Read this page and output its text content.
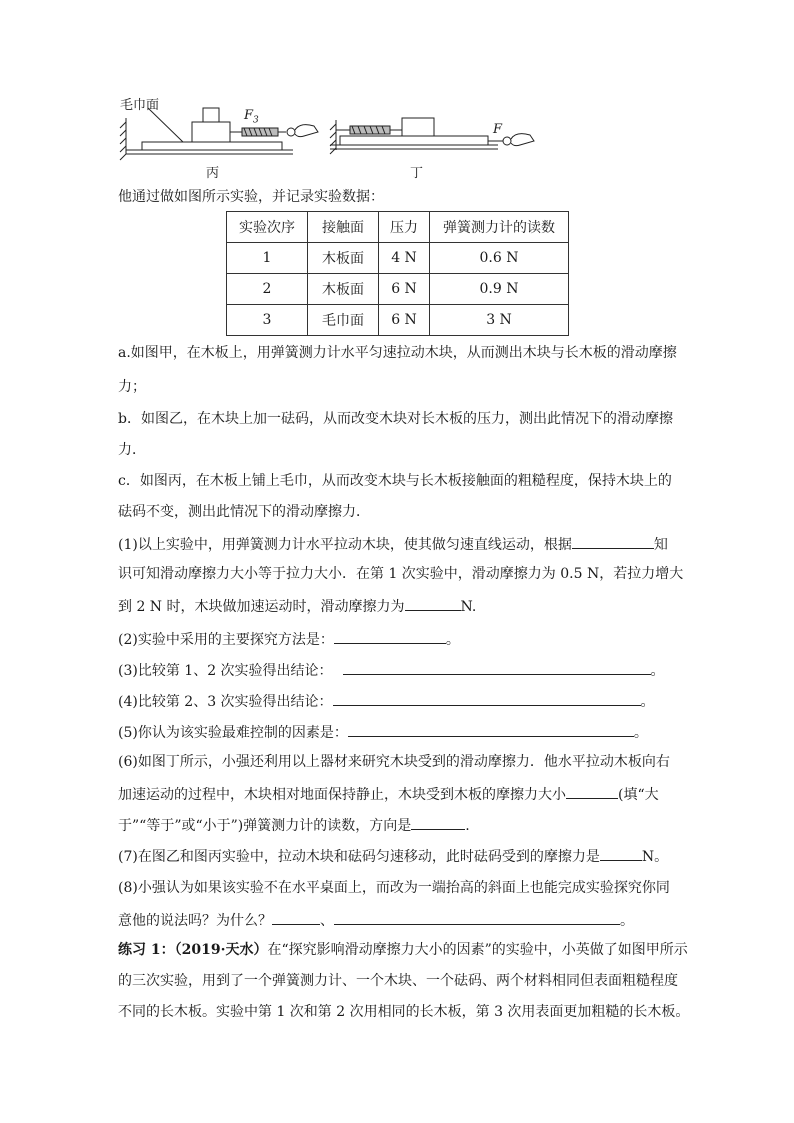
毛巾面
$F_3$
F
丙	丁
他通过做如图所示实验，并记录实验数据：
实验次序	接触面	压力	弹簧测力计的读数
1	木板面	4 N	0.6 N
2	木板面	6 N	0.9 N
3	毛巾面	6 N	3 N
a.如图甲，在木板上，用弹簧测力计水平匀速拉动木块，从而测出木块与长木板的滑动摩擦
力；
b．如图乙，在木块上加一砝码，从而改变木块对长木板的压力，测出此情况下的滑动摩擦
力．
c．如图丙，在木板上铺上毛巾，从而改变木块与长木板接触面的粗糙程度，保持木块上的
砝码不变，测出此情况下的滑动摩擦力．
(1)以上实验中，用弹簧测力计水平拉动木块，使其做匀速直线运动，根据	知
识可知滑动摩擦力大小等于拉力大小．在第 1 次实验中，滑动摩擦力为 0.5 N，若拉力增大
到 2 N 时，木块做加速运动时，滑动摩擦力为	N.
(2)实验中采用的主要探究方法是：	。
(3)比较第 1、2 次实验得出结论：	。
(4)比较第 2、3 次实验得出结论：	。
(5)你认为该实验最难控制的因素是：	。
(6)如图丁所示，小强还利用以上器材来研究木块受到的滑动摩擦力．他水平拉动木板向右
加速运动的过程中，木块相对地面保持静止，木块受到木板的摩擦力大小	(填“大
于”“等于”或“小于”)弹簧测力计的读数，方向是	.
(7)在图乙和图丙实验中，拉动木块和砝码匀速移动，此时砝码受到的摩擦力是	N。
(8)小强认为如果该实验不在水平桌面上，而改为一端抬高的斜面上也能完成实验探究你同
意他的说法吗？为什么？	、	。
练习 1：（2019·天水）在“探究影响滑动摩擦力大小的因素”的实验中，小英做了如图甲所示
的三次实验，用到了一个弹簧测力计、一个木块、一个砝码、两个材料相同但表面粗糙程度
不同的长木板。实验中第 1 次和第 2 次用相同的长木板，第 3 次用表面更加粗糙的长木板。
